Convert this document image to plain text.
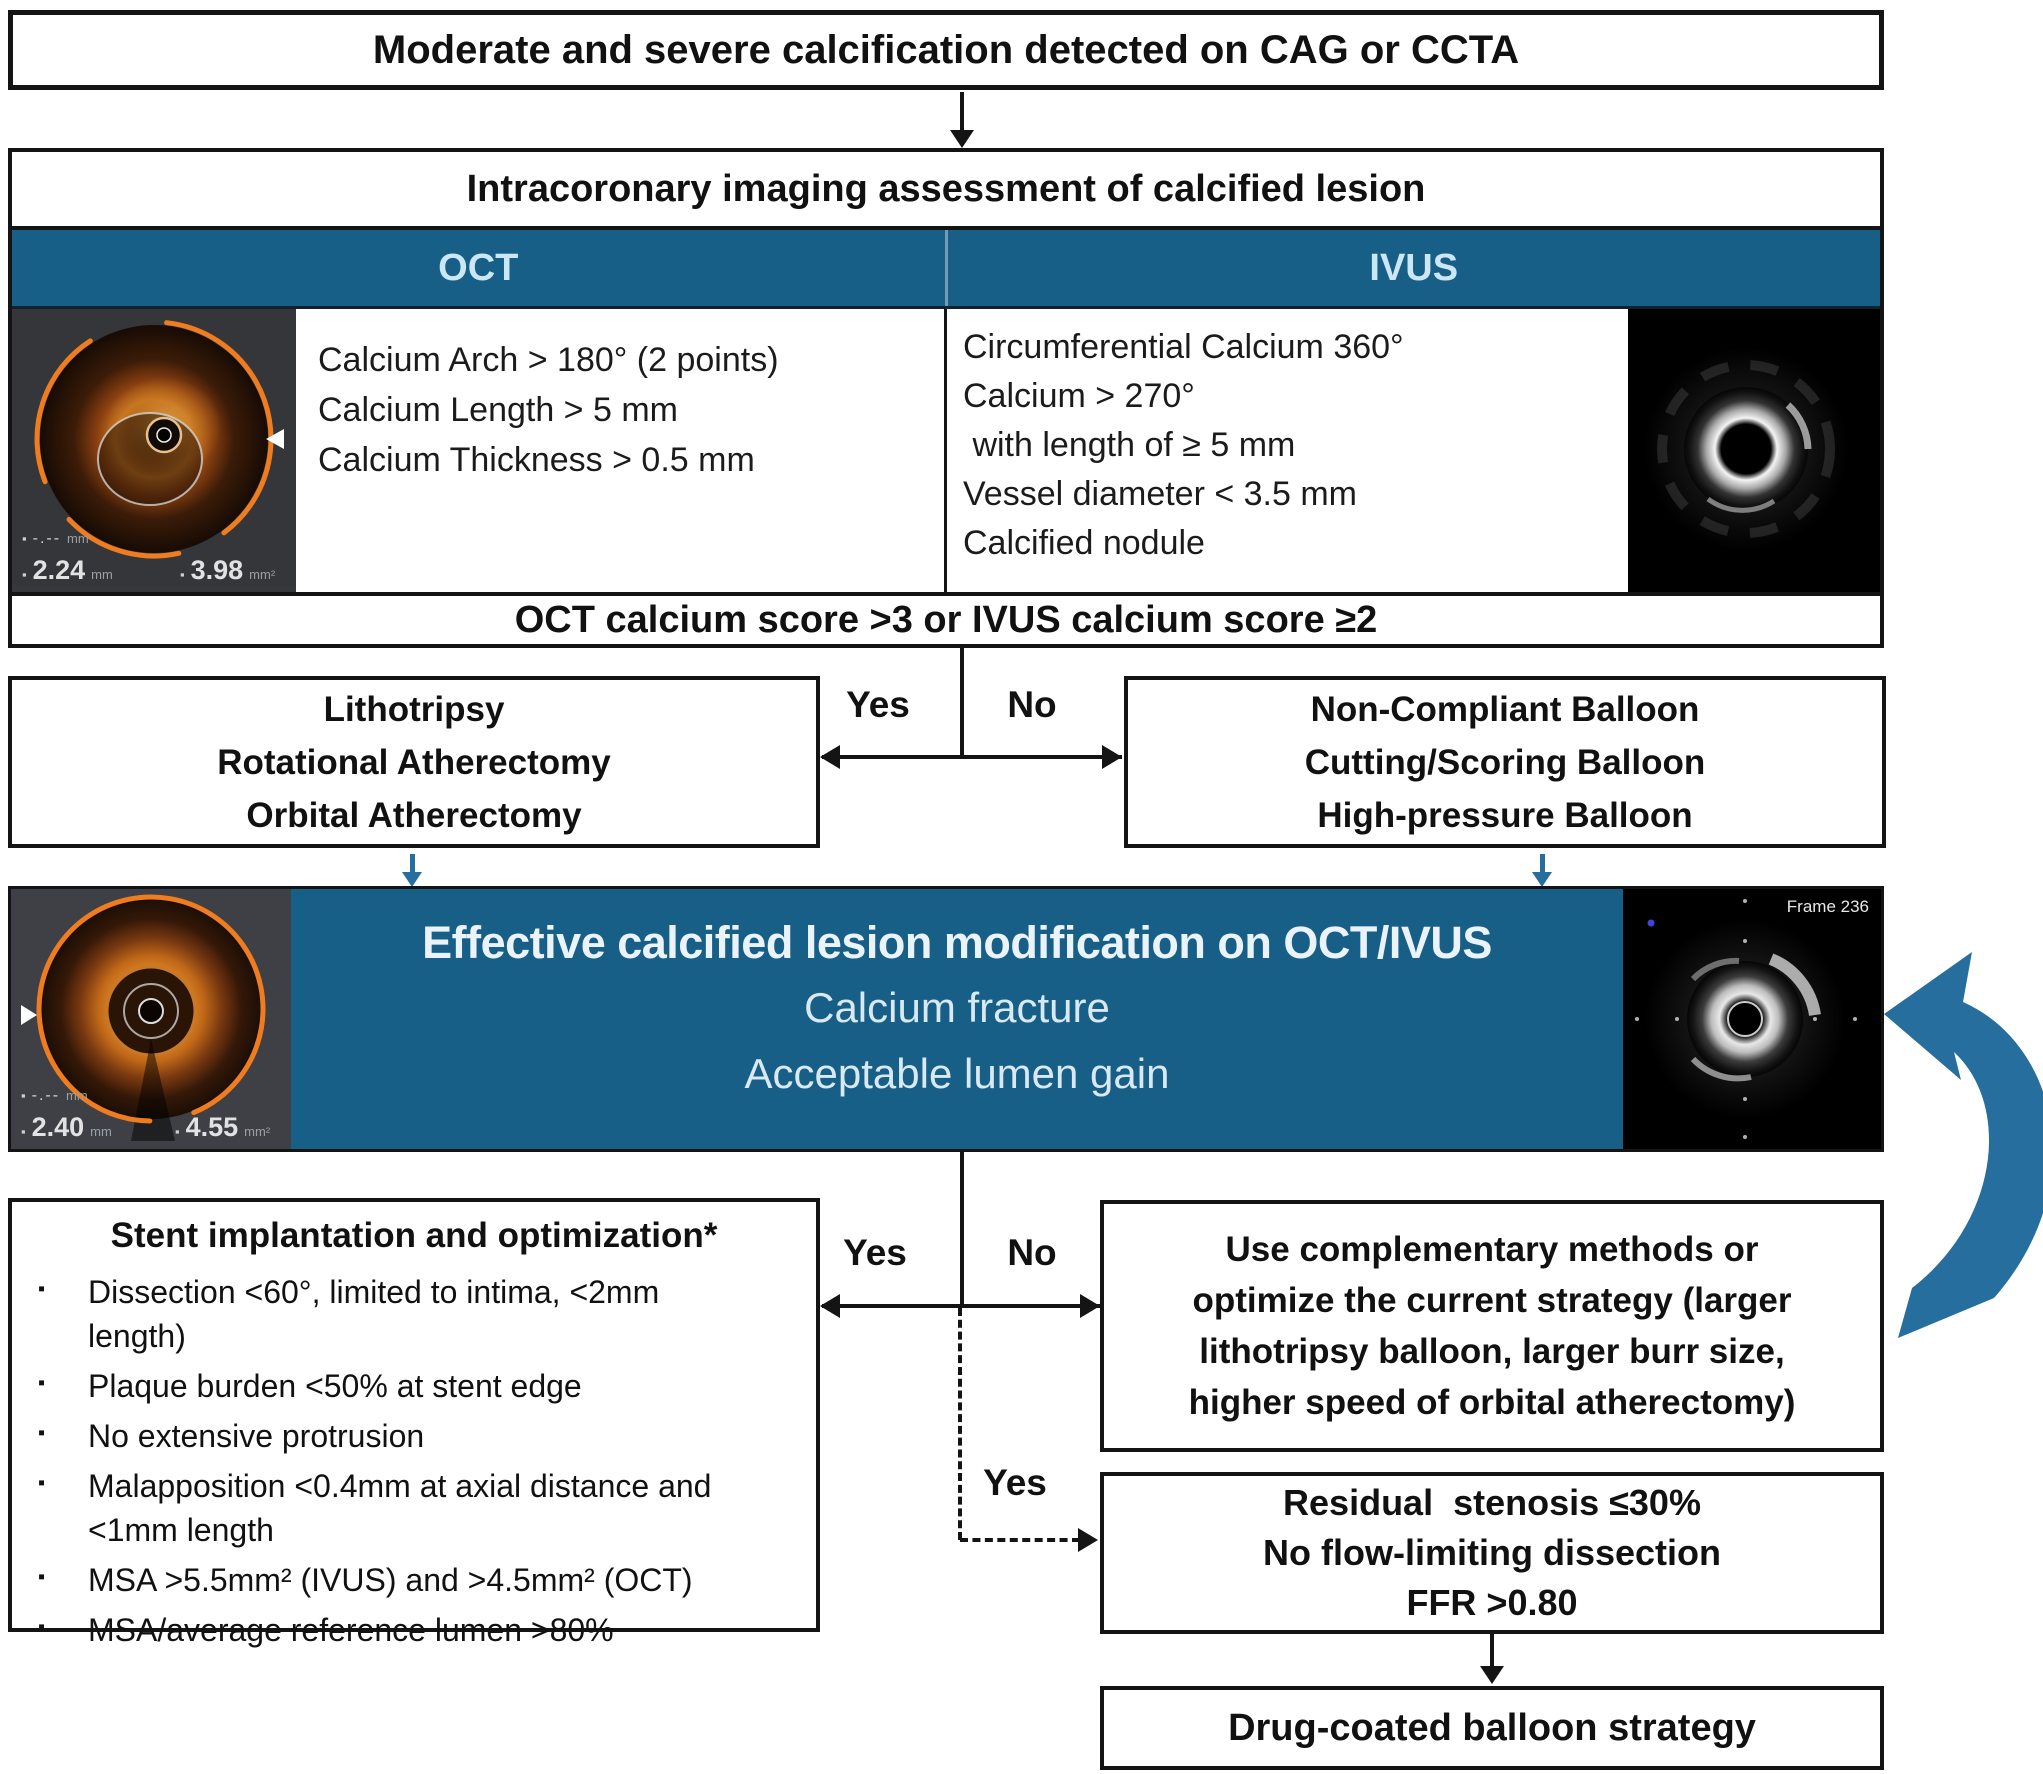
Moderate and severe calcification detected on CAG or CCTA
Intracoronary imaging assessment of calcified lesion
OCT	IVUS
▪ -.-- mm
▪ 2.24 mm	▪ 3.98 mm²
Calcium Arch > 180° (2 points)
Calcium Length > 5 mm
Calcium Thickness > 0.5 mm
Circumferential Calcium 360°
Calcium > 270°
with length of ≥ 5 mm
Vessel diameter < 3.5 mm
Calcified nodule
OCT calcium score >3 or IVUS calcium score ≥2
Yes	No
Lithotripsy
Rotational Atherectomy
Orbital Atherectomy
Non-Compliant Balloon
Cutting/Scoring Balloon
High-pressure Balloon
▪ -.-- mm
▪ 2.40 mm	▪ 4.55 mm²
Effective calcified lesion modification on OCT/IVUS
Calcium fracture
Acceptable lumen gain
Frame 236
Yes	No
Yes
Stent implantation and optimization*
▪	Dissection <60°, limited to intima, <2mm length)
▪	Plaque burden <50% at stent edge
▪	No extensive protrusion
▪	Malapposition <0.4mm at axial distance and <1mm length
▪	MSA >5.5mm² (IVUS) and >4.5mm² (OCT)
▪	MSA/average reference lumen >80%
Use complementary methods or
optimize the current strategy (larger
lithotripsy balloon, larger burr size,
higher speed of orbital atherectomy)
Residual  stenosis ≤30%
No flow-limiting dissection
FFR >0.80
Drug-coated balloon strategy
